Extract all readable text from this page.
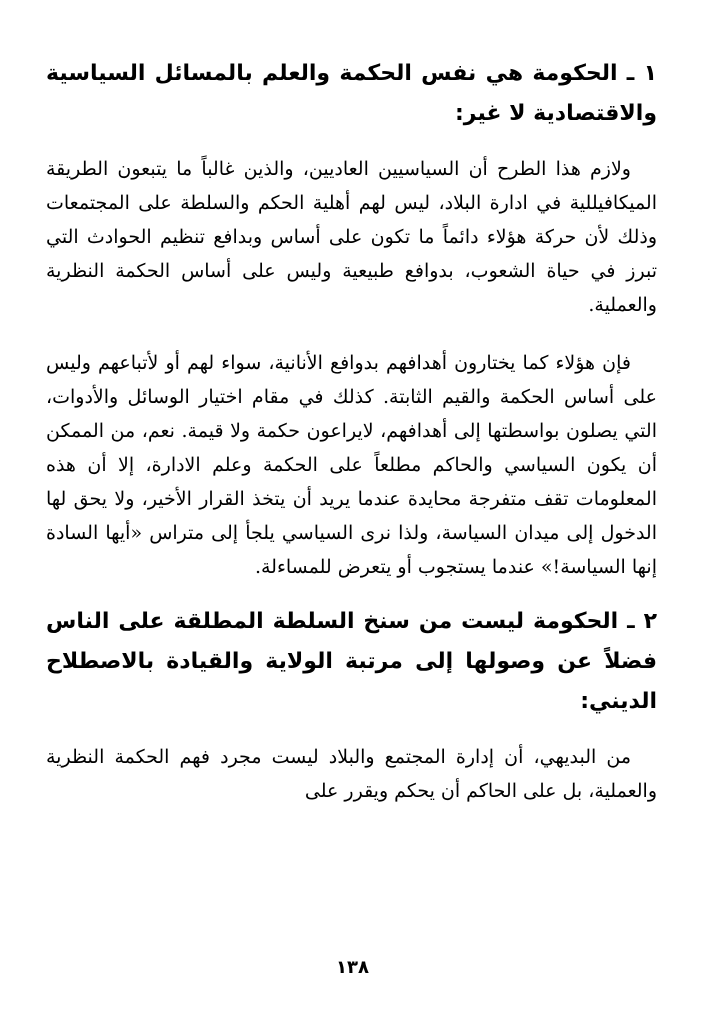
١ ـ الحكومة هي نفس الحكمة والعلم بالمسائل السياسية والاقتصادية لا غير:

ولازم هذا الطرح أن السياسيين العاديين، والذين غالباً ما يتبعون الطريقة الميكافيللية في ادارة البلاد، ليس لهم أهلية الحكم والسلطة على المجتمعات وذلك لأن حركة هؤلاء دائماً ما تكون على أساس وبدافع تنظيم الحوادث التي تبرز في حياة الشعوب، بدوافع طبيعية وليس على أساس الحكمة النظرية والعملية.

فإن هؤلاء كما يختارون أهدافهم بدوافع الأنانية، سواء لهم أو لأتباعهم وليس على أساس الحكمة والقيم الثابتة. كذلك في مقام اختيار الوسائل والأدوات، التي يصلون بواسطتها إلى أهدافهم، لايراعون حكمة ولا قيمة. نعم، من الممكن أن يكون السياسي والحاكم مطلعاً على الحكمة وعلم الادارة، إلا أن هذه المعلومات تقف متفرجة محايدة عندما يريد أن يتخذ القرار الأخير، ولا يحق لها الدخول إلى ميدان السياسة، ولذا نرى السياسي يلجأ إلى متراس «أيها السادة إنها السياسة!» عندما يستجوب أو يتعرض للمساءلة.

٢ ـ الحكومة ليست من سنخ السلطة المطلقة على الناس فضلاً عن وصولها إلى مرتبة الولاية والقيادة بالاصطلاح الديني:

من البديهي، أن إدارة المجتمع والبلاد ليست مجرد فهم الحكمة النظرية والعملية، بل على الحاكم أن يحكم ويقرر على

١٣٨
